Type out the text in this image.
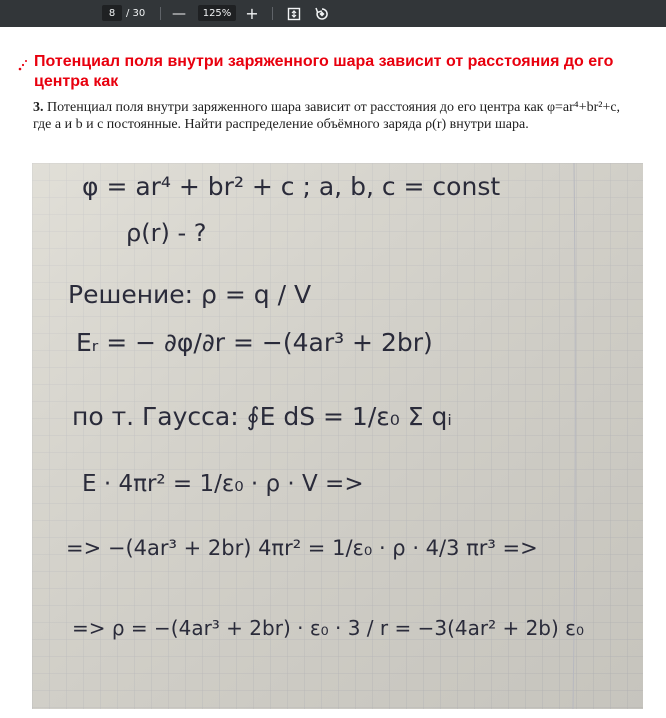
8	/ 30 —	125% +
Потенциал поля внутри заряженного шара зависит от расстояния до его центра как
3. Потенциал поля внутри заряженного шара зависит от расстояния до его центра как φ=ar⁴+br²+c, где a и b и c постоянные. Найти распределение объёмного заряда ρ(r) внутри шара.
φ = ar⁴ + br² + c ; a, b, c = const
ρ(r) - ?
Решение: ρ = q / V
Eᵣ = − ∂φ/∂r = −(4ar³ + 2br)
по т. Гаусса: ∮E dS = 1/ε₀ Σ qᵢ
E · 4πr² = 1/ε₀ · ρ · V =>
=> −(4ar³ + 2br) 4πr² = 1/ε₀ · ρ · 4/3 πr³ =>
=> ρ = −(4ar³ + 2br) · ε₀ · 3 / r = −3(4ar² + 2b) ε₀
